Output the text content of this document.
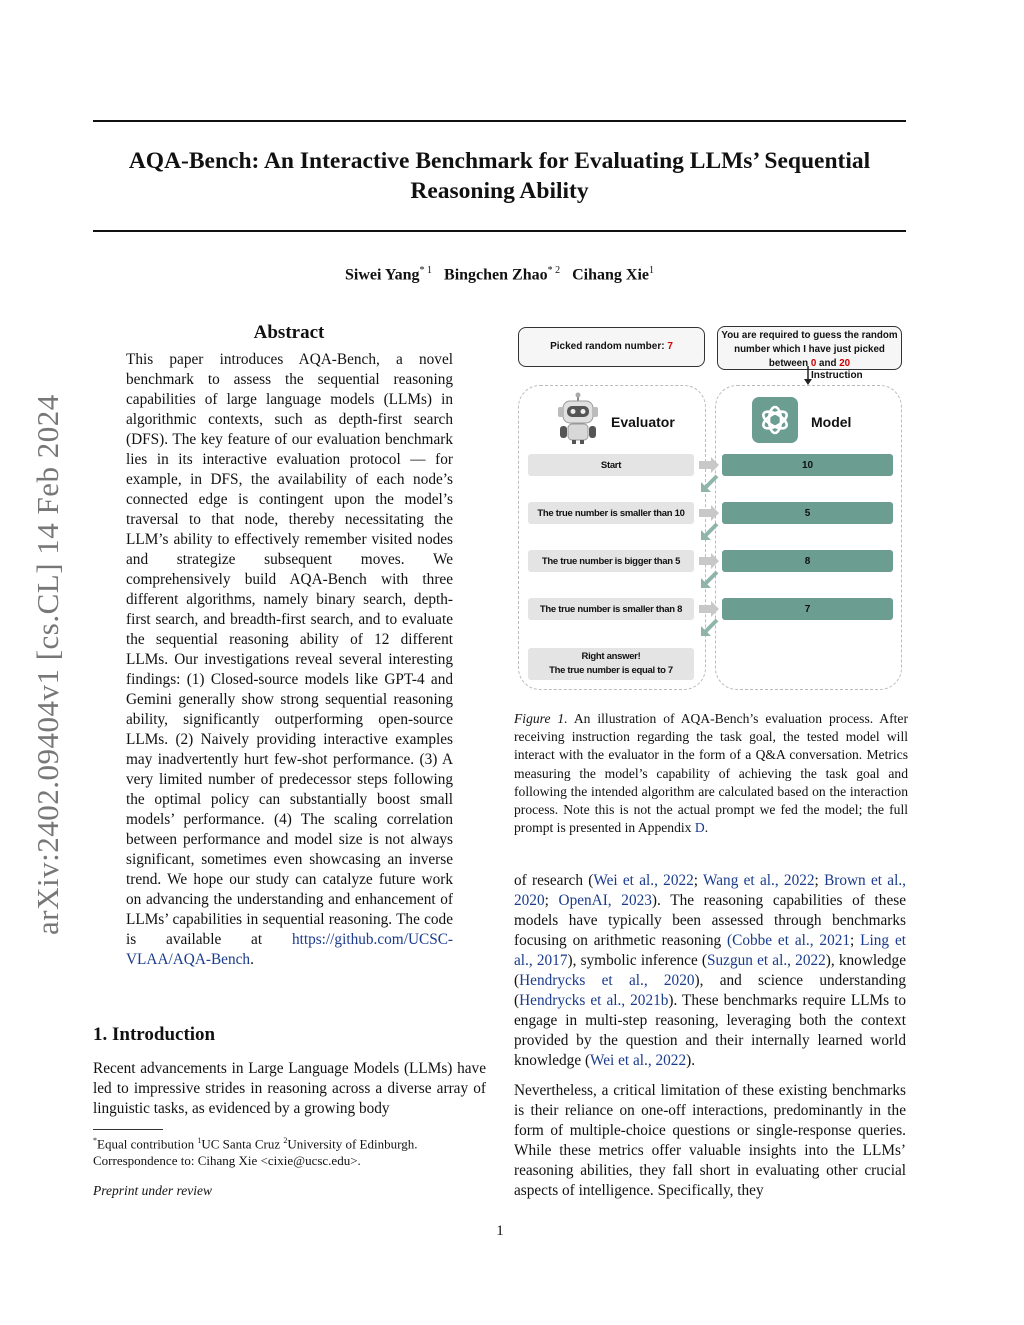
AQA-Bench: An Interactive Benchmark for Evaluating LLMs’ Sequential Reasoning Ability
Siwei Yang$^{* 1}$ Bingchen Zhao$^{* 2}$ Cihang Xie$^1$
arXiv:2402.09404v1 [cs.CL] 14 Feb 2024
Abstract
This paper introduces AQA-Bench, a novel benchmark to assess the sequential reasoning capabilities of large language models (LLMs) in algorithmic contexts, such as depth-first search (DFS). The key feature of our evaluation benchmark lies in its interactive evaluation protocol — for example, in DFS, the availability of each node’s connected edge is contingent upon the model’s traversal to that node, thereby necessitating the LLM’s ability to effectively remember visited nodes and strategize subsequent moves. We comprehensively build AQA-Bench with three different algorithms, namely binary search, depth-first search, and breadth-first search, and to evaluate the sequential reasoning ability of 12 different LLMs. Our investigations reveal several interesting findings: (1) Closed-source models like GPT-4 and Gemini generally show strong sequential reasoning ability, significantly outperforming open-source LLMs. (2) Naively providing interactive examples may inadvertently hurt few-shot performance. (3) A very limited number of predecessor steps following the optimal policy can substantially boost small models’ performance. (4) The scaling correlation between performance and model size is not always significant, sometimes even showcasing an inverse trend. We hope our study can catalyze future work on advancing the understanding and enhancement of LLMs’ capabilities in sequential reasoning. The code is available at https://github.com/UCSC-VLAA/AQA-Bench.
1. Introduction
Recent advancements in Large Language Models (LLMs) have led to impressive strides in reasoning across a diverse array of linguistic tasks, as evidenced by a growing body
*Equal contribution $^1$UC Santa Cruz $^2$University of Edinburgh.
Correspondence to: Cihang Xie <cixie@ucsc.edu>.
Preprint under review
1
Picked random number: 7
You are required to guess the random number which I have just picked between 0 and 20
Instruction
Evaluator	Model
Start
The true number is smaller than 10
The true number is bigger than 5
The true number is smaller than 8
Right answer!
The true number is equal to 7
10
5
8
7
Figure 1. An illustration of AQA-Bench’s evaluation process. After receiving instruction regarding the task goal, the tested model will interact with the evaluator in the form of a Q&A conversation. Metrics measuring the model’s capability of achieving the task goal and following the intended algorithm are calculated based on the interaction process. Note this is not the actual prompt we fed the model; the full prompt is presented in Appendix D.
of research (Wei et al., 2022; Wang et al., 2022; Brown et al., 2020; OpenAI, 2023). The reasoning capabilities of these models have typically been assessed through benchmarks focusing on arithmetic reasoning (Cobbe et al., 2021; Ling et al., 2017), symbolic inference (Suzgun et al., 2022), knowledge (Hendrycks et al., 2020), and science understanding (Hendrycks et al., 2021b). These benchmarks require LLMs to engage in multi-step reasoning, leveraging both the context provided by the question and their internally learned world knowledge (Wei et al., 2022).
Nevertheless, a critical limitation of these existing benchmarks is their reliance on one-off interactions, predominantly in the form of multiple-choice questions or single-response queries. While these metrics offer valuable insights into the LLMs’ reasoning abilities, they fall short in evaluating other crucial aspects of intelligence. Specifically, they
